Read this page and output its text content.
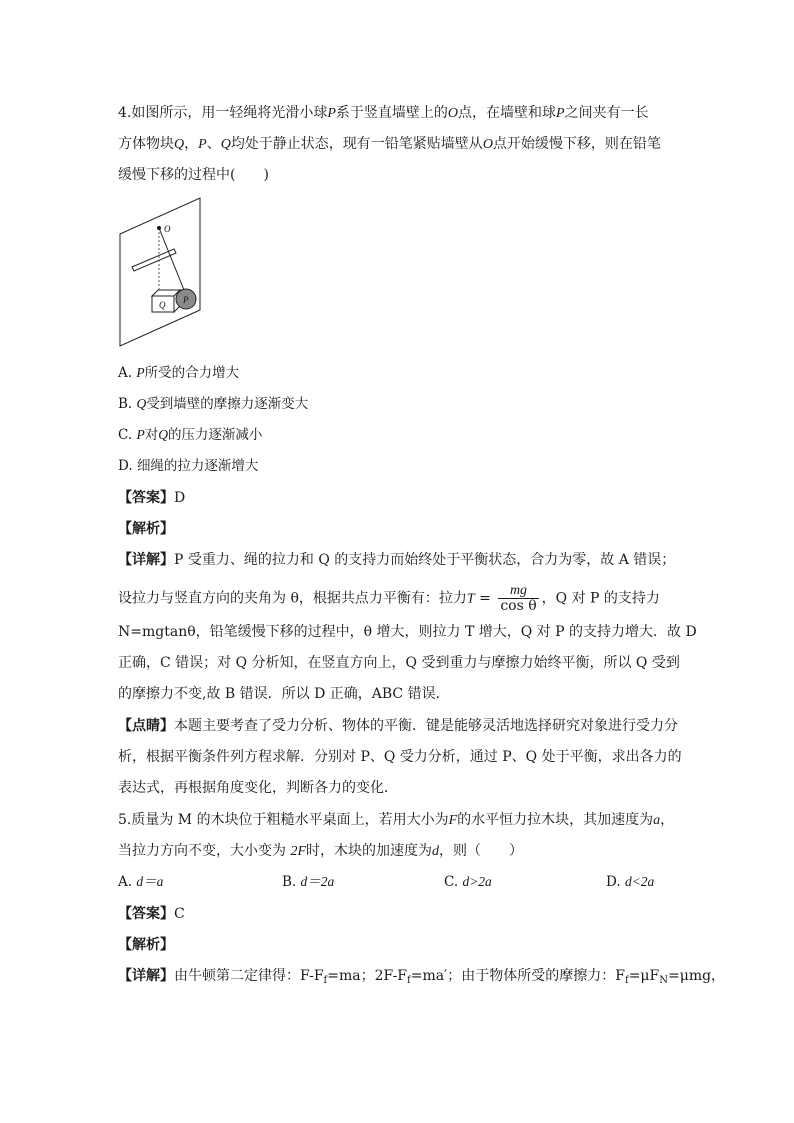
4.如图所示，用一轻绳将光滑小球P系于竖直墙壁上的O点，在墙壁和球P之间夹有一长
方体物块Q，P、Q均处于静止状态，现有一铅笔紧贴墙壁从O点开始缓慢下移，则在铅笔
缓慢下移的过程中(　　)
O
Q P
A. P所受的合力增大
B. Q受到墙壁的摩擦力逐渐变大
C. P对Q的压力逐渐减小
D. 细绳的拉力逐渐增大
【答案】D
【解析】
【详解】P 受重力、绳的拉力和 Q 的支持力而始终处于平衡状态，合力为零，故 A 错误；
设拉力与竖直方向的夹角为 θ，根据共点力平衡有：拉力$T = \frac{mg}{\text{cos θ}}$ ，Q 对 P 的支持力
N=mgtanθ，铅笔缓慢下移的过程中，θ 增大，则拉力 T 增大，Q 对 P 的支持力增大．故 D
正确，C 错误；对 Q 分析知，在竖直方向上，Q 受到重力与摩擦力始终平衡，所以 Q 受到
的摩擦力不变,故 B 错误．所以 D 正确，ABC 错误．
【点睛】本题主要考查了受力分析、物体的平衡．键是能够灵活地选择研究对象进行受力分
析，根据平衡条件列方程求解．分别对 P、Q 受力分析，通过 P、Q 处于平衡，求出各力的
表达式，再根据角度变化，判断各力的变化．
5.质量为 M 的木块位于粗糙水平桌面上，若用大小为F的水平恒力拉木块，其加速度为a，
当拉力方向不变，大小变为 2F时，木块的加速度为d，则（　　）
A. d＝a	B. d＝2a	C. d>2a	D. d<2a
【答案】C
【解析】
【详解】由牛顿第二定律得：$F-F_f=ma$；$2F-F_f=ma'$；由于物体所受的摩擦力：$F_f=\mu F_N=\mu mg$，
